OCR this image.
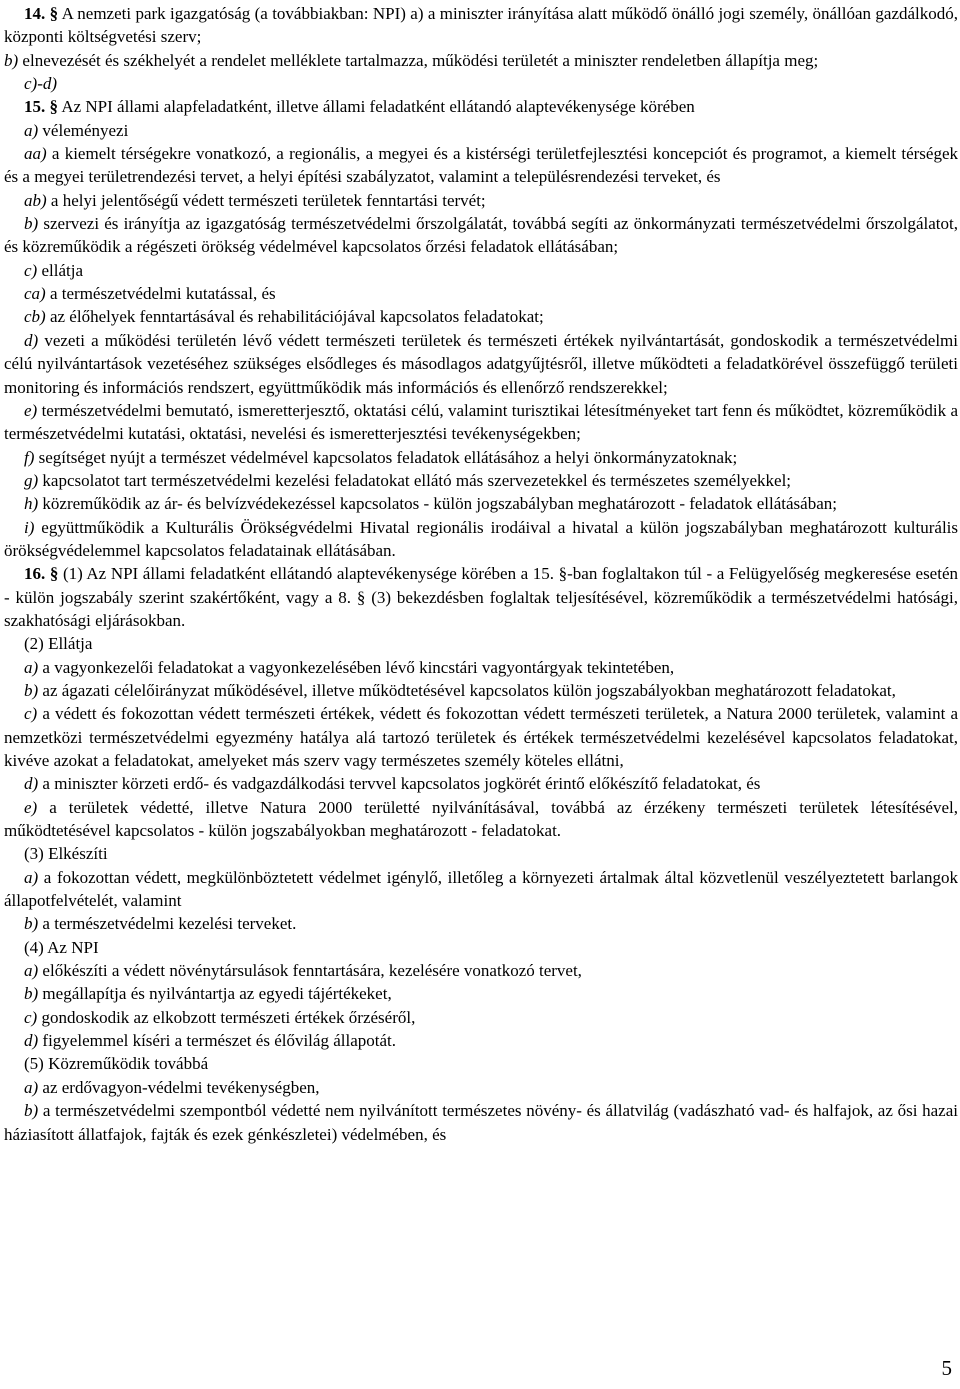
14. § A nemzeti park igazgatóság (a továbbiakban: NPI) a) a miniszter irányítása alatt működő önálló jogi személy, önállóan gazdálkodó, központi költségvetési szerv;

b) elnevezését és székhelyét a rendelet melléklete tartalmazza, működési területét a miniszter rendeletben állapítja meg;

c)-d)

15. § Az NPI állami alapfeladatként, illetve állami feladatként ellátandó alaptevékenysége körében

a) véleményezi

aa) a kiemelt térségekre vonatkozó, a regionális, a megyei és a kistérségi területfejlesztési koncepciót és programot, a kiemelt térségek és a megyei területrendezési tervet, a helyi építési szabályzatot, valamint a településrendezési terveket, és

ab) a helyi jelentőségű védett természeti területek fenntartási tervét;

b) szervezi és irányítja az igazgatóság természetvédelmi őrszolgálatát, továbbá segíti az önkormányzati természetvédelmi őrszolgálatot, és közreműködik a régészeti örökség védelmével kapcsolatos őrzési feladatok ellátásában;

c) ellátja

ca) a természetvédelmi kutatással, és

cb) az élőhelyek fenntartásával és rehabilitációjával kapcsolatos feladatokat;

d) vezeti a működési területén lévő védett természeti területek és természeti értékek nyilvántartását, gondoskodik a természetvédelmi célú nyilvántartások vezetéséhez szükséges elsődleges és másodlagos adatgyűjtésről, illetve működteti a feladatkörével összefüggő területi monitoring és információs rendszert, együttműködik más információs és ellenőrző rendszerekkel;

e) természetvédelmi bemutató, ismeretterjesztő, oktatási célú, valamint turisztikai létesítményeket tart fenn és működtet, közreműködik a természetvédelmi kutatási, oktatási, nevelési és ismeretterjesztési tevékenységekben;

f) segítséget nyújt a természet védelmével kapcsolatos feladatok ellátásához a helyi önkormányzatoknak;

g) kapcsolatot tart természetvédelmi kezelési feladatokat ellátó más szervezetekkel és természetes személyekkel;

h) közreműködik az ár- és belvízvédekezéssel kapcsolatos - külön jogszabályban meghatározott - feladatok ellátásában;

i) együttműködik a Kulturális Örökségvédelmi Hivatal regionális irodáival a hivatal a külön jogszabályban meghatározott kulturális örökségvédelemmel kapcsolatos feladatainak ellátásában.

16. § (1) Az NPI állami feladatként ellátandó alaptevékenysége körében a 15. §-ban foglaltakon túl - a Felügyelőség megkeresése esetén - külön jogszabály szerint szakértőként, vagy a 8. § (3) bekezdésben foglaltak teljesítésével, közreműködik a természetvédelmi hatósági, szakhatósági eljárásokban.

(2) Ellátja

a) a vagyonkezelői feladatokat a vagyonkezelésében lévő kincstári vagyontárgyak tekintetében,

b) az ágazati célelőirányzat működésével, illetve működtetésével kapcsolatos külön jogszabályokban meghatározott feladatokat,

c) a védett és fokozottan védett természeti értékek, védett és fokozottan védett természeti területek, a Natura 2000 területek, valamint a nemzetközi természetvédelmi egyezmény hatálya alá tartozó területek és értékek természetvédelmi kezelésével kapcsolatos feladatokat, kivéve azokat a feladatokat, amelyeket más szerv vagy természetes személy köteles ellátni,

d) a miniszter körzeti erdő- és vadgazdálkodási tervvel kapcsolatos jogkörét érintő előkészítő feladatokat, és

e) a területek védetté, illetve Natura 2000 területté nyilvánításával, továbbá az érzékeny természeti területek létesítésével, működtetésével kapcsolatos - külön jogszabályokban meghatározott - feladatokat.

(3) Elkészíti

a) a fokozottan védett, megkülönböztetett védelmet igénylő, illetőleg a környezeti ártalmak által közvetlenül veszélyeztetett barlangok állapotfelvételét, valamint

b) a természetvédelmi kezelési terveket.

(4) Az NPI

a) előkészíti a védett növénytársulások fenntartására, kezelésére vonatkozó tervet,

b) megállapítja és nyilvántartja az egyedi tájértékeket,

c) gondoskodik az elkobzott természeti értékek őrzéséről,

d) figyelemmel kíséri a természet és élővilág állapotát.

(5) Közreműködik továbbá

a) az erdővagyon-védelmi tevékenységben,

b) a természetvédelmi szempontból védetté nem nyilvánított természetes növény- és állatvilág (vadászható vad- és halfajok, az ősi hazai háziasított állatfajok, fajták és ezek génkészletei) védelmében, és

5
